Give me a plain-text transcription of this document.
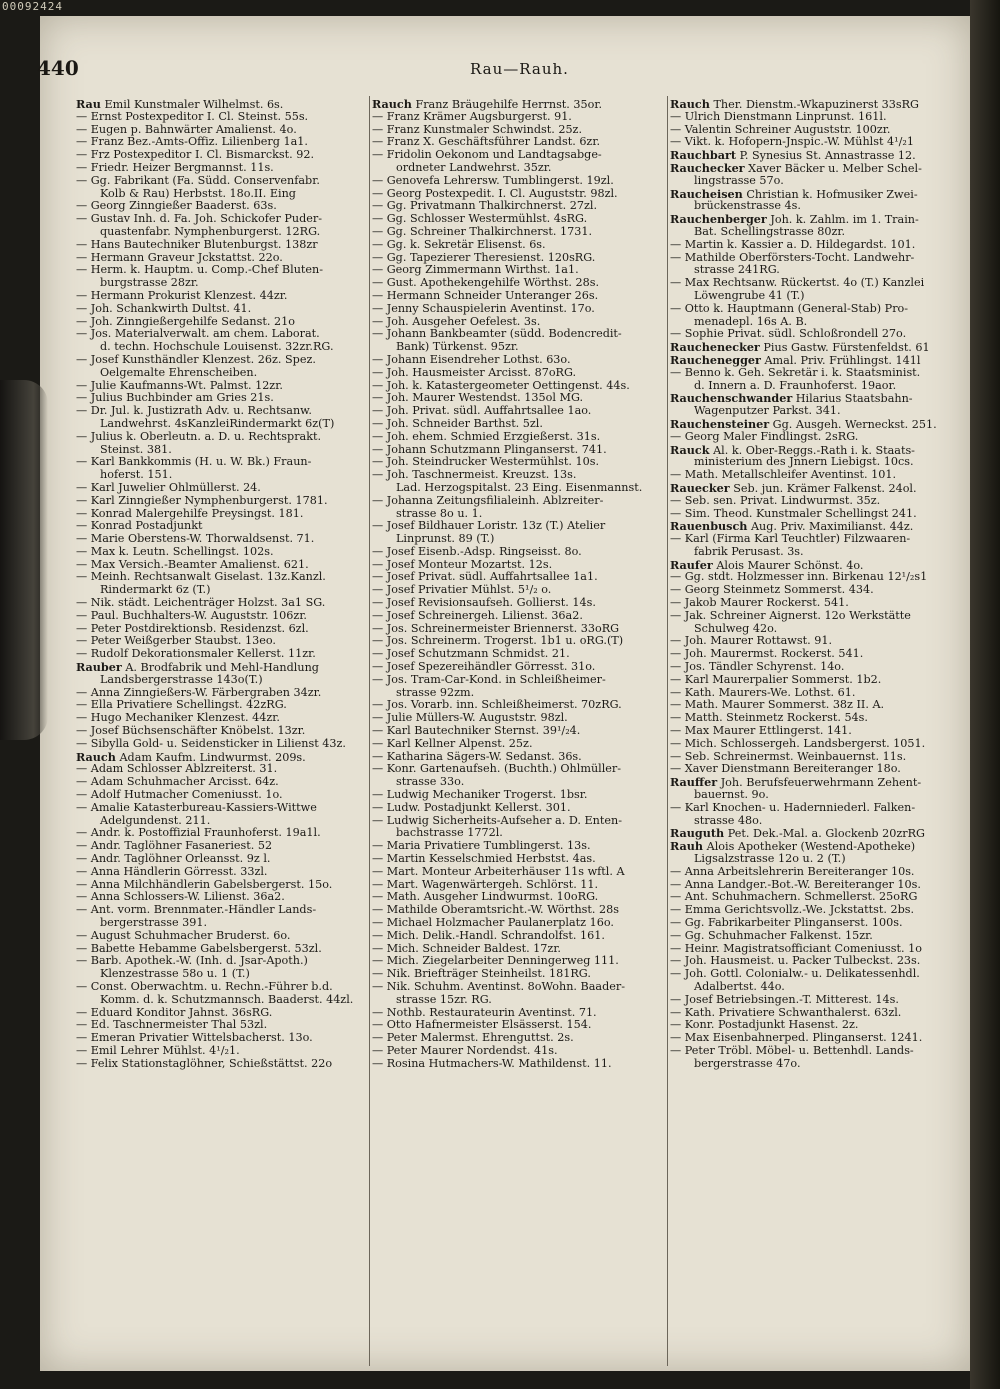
00092424
440	Rau—Rauh.
Rau Emil Kunstmaler Wilhelmst. 6s.
— Ernst Postexpeditor I. Cl. Steinst. 55s.
— Eugen p. Bahnwärter Amalienst. 4o.
— Franz Bez.-Amts-Offiz. Lilienberg 1a1.
— Frz Postexpeditor I. Cl. Bismarckst. 92.
— Friedr. Heizer Bergmannst. 11s.
— Gg. Fabrikant (Fa. Südd. Conservenfabr.
Kolb & Rau) Herbstst. 18o.II. Eing
— Georg Zinngießer Baaderst. 63s.
— Gustav Inh. d. Fa. Joh. Schickofer Puder-
quastenfabr. Nymphenburgerst. 12RG.
— Hans Bautechniker Blutenburgst. 138zr
— Hermann Graveur Jckstattst. 22o.
— Herm. k. Hauptm. u. Comp.-Chef Bluten-
burgstrasse 28zr.
— Hermann Prokurist Klenzest. 44zr.
— Joh. Schankwirth Dultst. 41.
— Joh. Zinngießergehilfe Sedanst. 21o
— Jos. Materialverwalt. am chem. Laborat.
d. techn. Hochschule Louisenst. 32zr.RG.
— Josef Kunsthändler Klenzest. 26z. Spez.
Oelgemalte Ehrenscheiben.
— Julie Kaufmanns-Wt. Palmst. 12zr.
— Julius Buchbinder am Gries 21s.
— Dr. Jul. k. Justizrath Adv. u. Rechtsanw.
Landwehrst. 4sKanzleiRindermarkt 6z(T)
— Julius k. Oberleutn. a. D. u. Rechtsprakt.
Steinst. 381.
— Karl Bankkommis (H. u. W. Bk.) Fraun-
hoferst. 151.
— Karl Juwelier Ohlmüllerst. 24.
— Karl Zinngießer Nymphenburgerst. 1781.
— Konrad Malergehilfe Preysingst. 181.
— Konrad Postadjunkt
— Marie Oberstens-W. Thorwaldsenst. 71.
— Max k. Leutn. Schellingst. 102s.
— Max Versich.-Beamter Amalienst. 621.
— Meinh. Rechtsanwalt Giselast. 13z.Kanzl.
Rindermarkt 6z (T.)
— Nik. städt. Leichenträger Holzst. 3a1 SG.
— Paul. Buchhalters-W. Auguststr. 106zr.
— Peter Postdirektionsb. Residenzst. 6zl.
— Peter Weißgerber Staubst. 13eo.
— Rudolf Dekorationsmaler Kellerst. 11zr.
Rauber A. Brodfabrik und Mehl-Handlung
Landsbergerstrasse 143o(T.)
— Anna Zinngießers-W. Färbergraben 34zr.
— Ella Privatiere Schellingst. 42zRG.
— Hugo Mechaniker Klenzest. 44zr.
— Josef Büchsenschäfter Knöbelst. 13zr.
— Sibylla Gold- u. Seidensticker in Lilienst 43z.
Rauch Adam Kaufm. Lindwurmst. 209s.
— Adam Schlosser Ablzreiterst. 31.
— Adam Schuhmacher Arcisst. 64z.
— Adolf Hutmacher Comeniusst. 1o.
— Amalie Katasterbureau-Kassiers-Wittwe
Adelgundenst. 211.
— Andr. k. Postoffizial Fraunhoferst. 19a1l.
— Andr. Taglöhner Fasaneriest. 52
— Andr. Taglöhner Orleansst. 9z l.
— Anna Händlerin Görresst. 33zl.
— Anna Milchhändlerin Gabelsbergerst. 15o.
— Anna Schlossers-W. Lilienst. 36a2.
— Ant. vorm. Brennmater.-Händler Lands-
bergerstrasse 391.
— August Schuhmacher Bruderst. 6o.
— Babette Hebamme Gabelsbergerst. 53zl.
— Barb. Apothek.-W. (Inh. d. Jsar-Apoth.)
Klenzestrasse 58o u. 1 (T.)
— Const. Oberwachtm. u. Rechn.-Führer b.d.
Komm. d. k. Schutzmannsch. Baaderst. 44zl.
— Eduard Konditor Jahnst. 36sRG.
— Ed. Taschnermeister Thal 53zl.
— Emeran Privatier Wittelsbacherst. 13o.
— Emil Lehrer Mühlst. 4¹/₂1.
— Felix Stationstaglöhner, Schießstättst. 22o
Rauch Franz Bräugehilfe Herrnst. 35or.
— Franz Krämer Augsburgerst. 91.
— Franz Kunstmaler Schwindst. 25z.
— Franz X. Geschäftsführer Landst. 6zr.
— Fridolin Oekonom und Landtagsabge-
ordneter Landwehrst. 35zr.
— Genovefa Lehrersw. Tumblingerst. 19zl.
— Georg Postexpedit. I. Cl. Auguststr. 98zl.
— Gg. Privatmann Thalkirchnerst. 27zl.
— Gg. Schlosser Westermühlst. 4sRG.
— Gg. Schreiner Thalkirchnerst. 1731.
— Gg. k. Sekretär Elisenst. 6s.
— Gg. Tapezierer Theresienst. 120sRG.
— Georg Zimmermann Wirthst. 1a1.
— Gust. Apothekengehilfe Wörthst. 28s.
— Hermann Schneider Unteranger 26s.
— Jenny Schauspielerin Aventinst. 17o.
— Joh. Ausgeher Oefelest. 3s.
— Johann Bankbeamter (südd. Bodencredit-
Bank) Türkenst. 95zr.
— Johann Eisendreher Lothst. 63o.
— Joh. Hausmeister Arcisst. 87oRG.
— Joh. k. Katastergeometer Oettingenst. 44s.
— Joh. Maurer Westendst. 135ol MG.
— Joh. Privat. südl. Auffahrtsallee 1ao.
— Joh. Schneider Barthst. 5zl.
— Joh. ehem. Schmied Erzgießerst. 31s.
— Johann Schutzmann Plinganserst. 741.
— Joh. Steindrucker Westermühlst. 10s.
— Joh. Taschnermeist. Kreuzst. 13s.
Lad. Herzogspitalst. 23 Eing. Eisenmannst.
— Johanna Zeitungsfilialeinh. Ablzreiter-
strasse 8o u. 1.
— Josef Bildhauer Loristr. 13z (T.) Atelier
Linprunst. 89 (T.)
— Josef Eisenb.-Adsp. Ringseisst. 8o.
— Josef Monteur Mozartst. 12s.
— Josef Privat. südl. Auffahrtsallee 1a1.
— Josef Privatier Mühlst. 5¹/₂ o.
— Josef Revisionsaufseh. Gollierst. 14s.
— Josef Schreinergeh. Lilienst. 36a2.
— Jos. Schreinermeister Briennerst. 33oRG
— Jos. Schreinerm. Trogerst. 1b1 u. oRG.(T)
— Josef Schutzmann Schmidst. 21.
— Josef Spezereihändler Görresst. 31o.
— Jos. Tram-Car-Kond. in Schleißheimer-
strasse 92zm.
— Jos. Vorarb. inn. Schleißheimerst. 70zRG.
— Julie Müllers-W. Auguststr. 98zl.
— Karl Bautechniker Sternst. 39¹/₂4.
— Karl Kellner Alpenst. 25z.
— Katharina Sägers-W. Sedanst. 36s.
— Konr. Gartenaufseh. (Buchth.) Ohlmüller-
strasse 33o.
— Ludwig Mechaniker Trogerst. 1bsr.
— Ludw. Postadjunkt Kellerst. 301.
— Ludwig Sicherheits-Aufseher a. D. Enten-
bachstrasse 1772l.
— Maria Privatiere Tumblingerst. 13s.
— Martin Kesselschmied Herbstst. 4as.
— Mart. Monteur Arbeiterhäuser 11s wftl. A
— Mart. Wagenwärtergeh. Schlörst. 11.
— Math. Ausgeher Lindwurmst. 10oRG.
— Mathilde Oberamtsricht.-W. Wörthst. 28s
— Michael Holzmacher Paulanerplatz 16o.
— Mich. Delik.-Handl. Schrandolfst. 161.
— Mich. Schneider Baldest. 17zr.
— Mich. Ziegelarbeiter Denningerweg 111.
— Nik. Briefträger Steinheilst. 181RG.
— Nik. Schuhm. Aventinst. 8oWohn. Baader-
strasse 15zr. RG.
— Nothb. Restaurateurin Aventinst. 71.
— Otto Hafnermeister Elsässerst. 154.
— Peter Malermst. Ehrenguttst. 2s.
— Peter Maurer Nordendst. 41s.
— Rosina Hutmachers-W. Mathildenst. 11.
Rauch Ther. Dienstm.-Wkapuzinerst 33sRG
— Ulrich Dienstmann Linprunst. 161l.
— Valentin Schreiner Auguststr. 100zr.
— Vikt. k. Hofopern-Jnspic.-W. Mühlst 4¹/₂1
Rauchbart P. Synesius St. Annastrasse 12.
Rauchecker Xaver Bäcker u. Melber Schel-
lingstrasse 57o.
Raucheisen Christian k. Hofmusiker Zwei-
brückenstrasse 4s.
Rauchenberger Joh. k. Zahlm. im 1. Train-
Bat. Schellingstrasse 80zr.
— Martin k. Kassier a. D. Hildegardst. 101.
— Mathilde Oberförsters-Tocht. Landwehr-
strasse 241RG.
— Max Rechtsanw. Rückertst. 4o (T.) Kanzlei
Löwengrube 41 (T.)
— Otto k. Hauptmann (General-Stab) Pro-
menadepl. 16s A. B.
— Sophie Privat. südl. Schloßrondell 27o.
Rauchenecker Pius Gastw. Fürstenfeldst. 61
Rauchenegger Amal. Priv. Frühlingst. 141l
— Benno k. Geh. Sekretär i. k. Staatsminist.
d. Innern a. D. Fraunhoferst. 19aor.
Rauchenschwander Hilarius Staatsbahn-
Wagenputzer Parkst. 341.
Rauchensteiner Gg. Ausgeh. Werneckst. 251.
— Georg Maler Findlingst. 2sRG.
Rauck Al. k. Ober-Reggs.-Rath i. k. Staats-
ministerium des Jnnern Liebigst. 10cs.
— Math. Metallschleifer Aventinst. 101.
Rauecker Seb. jun. Krämer Falkenst. 24ol.
— Seb. sen. Privat. Lindwurmst. 35z.
— Sim. Theod. Kunstmaler Schellingst 241.
Rauenbusch Aug. Priv. Maximilianst. 44z.
— Karl (Firma Karl Teuchtler) Filzwaaren-
fabrik Perusast. 3s.
Raufer Alois Maurer Schönst. 4o.
— Gg. stdt. Holzmesser inn. Birkenau 12¹/₂s1
— Georg Steinmetz Sommerst. 434.
— Jakob Maurer Rockerst. 541.
— Jak. Schreiner Aignerst. 12o Werkstätte
Schulweg 42o.
— Joh. Maurer Rottawst. 91.
— Joh. Maurermst. Rockerst. 541.
— Jos. Tändler Schyrenst. 14o.
— Karl Maurerpalier Sommerst. 1b2.
— Kath. Maurers-We. Lothst. 61.
— Math. Maurer Sommerst. 38z II. A.
— Matth. Steinmetz Rockerst. 54s.
— Max Maurer Ettlingerst. 141.
— Mich. Schlossergeh. Landsbergerst. 1051.
— Seb. Schreinermst. Weinbauernst. 11s.
— Xaver Dienstmann Bereiteranger 18o.
Rauffer Joh. Berufsfeuerwehrmann Zehent-
bauernst. 9o.
— Karl Knochen- u. Hadernniederl. Falken-
strasse 48o.
Rauguth Pet. Dek.-Mal. a. Glockenb 20zrRG
Rauh Alois Apotheker (Westend-Apotheke)
Ligsalzstrasse 12o u. 2 (T.)
— Anna Arbeitslehrerin Bereiteranger 10s.
— Anna Landger.-Bot.-W. Bereiteranger 10s.
— Ant. Schuhmachern. Schmellerst. 25oRG
— Emma Gerichtsvollz.-We. Jckstattst. 2bs.
— Gg. Fabrikarbeiter Plinganserst. 100s.
— Gg. Schuhmacher Falkenst. 15zr.
— Heinr. Magistratsofficiant Comeniusst. 1o
— Joh. Hausmeist. u. Packer Tulbeckst. 23s.
— Joh. Gottl. Colonialw.- u. Delikatessenhdl.
Adalbertst. 44o.
— Josef Betriebsingen.-T. Mitterest. 14s.
— Kath. Privatiere Schwanthalerst. 63zl.
— Konr. Postadjunkt Hasenst. 2z.
— Max Eisenbahnerped. Plinganserst. 1241.
— Peter Tröbl. Möbel- u. Bettenhdl. Lands-
bergerstrasse 47o.
